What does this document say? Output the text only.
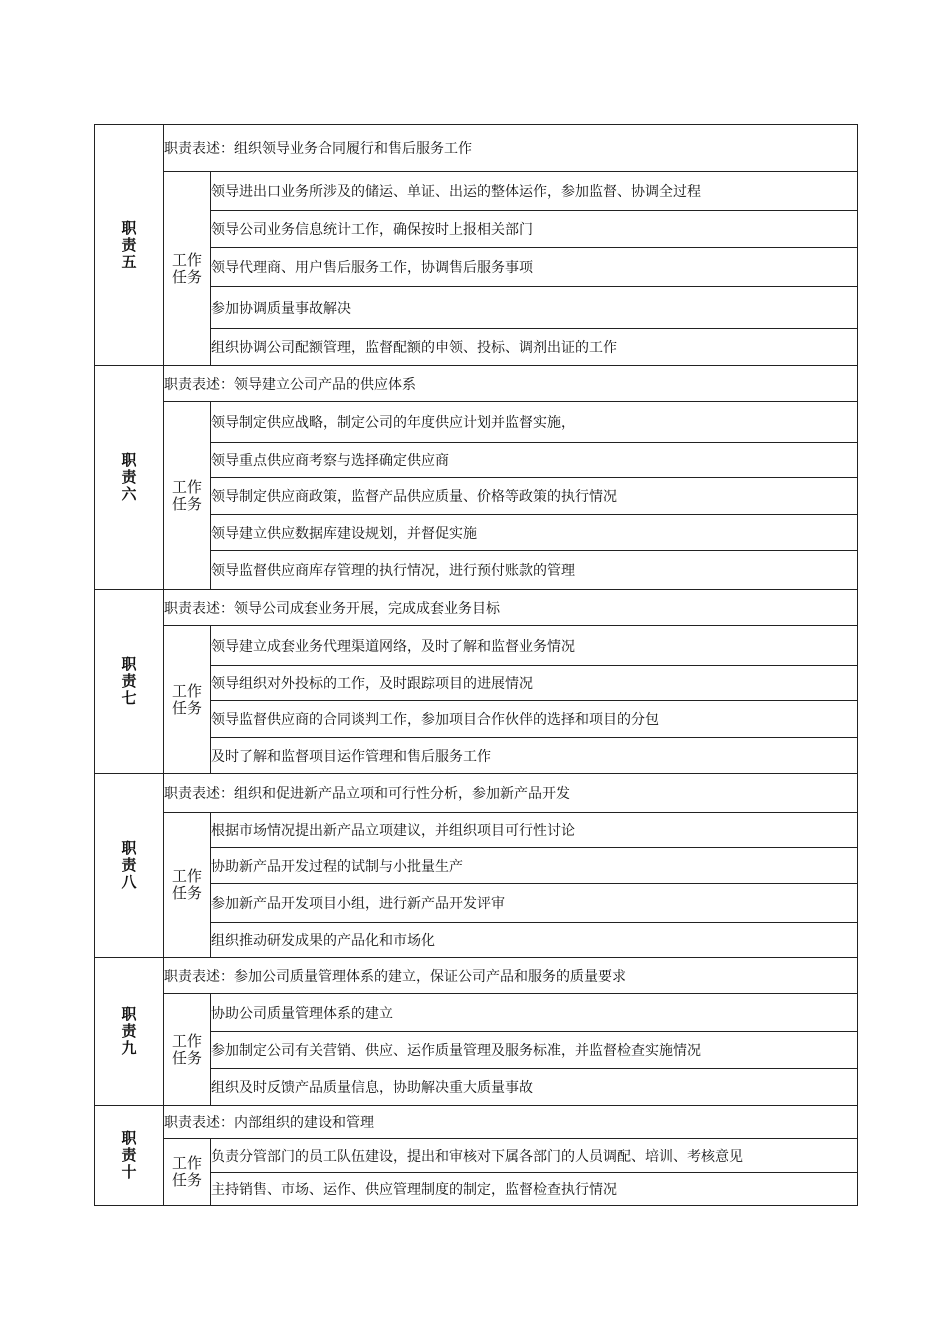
职责五	职责表述：组织领导业务合同履行和售后服务工作	
	工作任务	领导进出口业务所涉及的储运、单证、出运的整体运作，参加监督、协调全过程
		领导公司业务信息统计工作，确保按时上报相关部门
		领导代理商、用户售后服务工作，协调售后服务事项
		参加协调质量事故解决
		组织协调公司配额管理，监督配额的申领、投标、调剂出证的工作
职责六	职责表述：领导建立公司产品的供应体系	
	工作任务	领导制定供应战略，制定公司的年度供应计划并监督实施，
		领导重点供应商考察与选择确定供应商
		领导制定供应商政策，监督产品供应质量、价格等政策的执行情况
		领导建立供应数据库建设规划，并督促实施
		领导监督供应商库存管理的执行情况，进行预付账款的管理
职责七	职责表述：领导公司成套业务开展，完成成套业务目标	
	工作任务	领导建立成套业务代理渠道网络，及时了解和监督业务情况
		领导组织对外投标的工作，及时跟踪项目的进展情况
		领导监督供应商的合同谈判工作，参加项目合作伙伴的选择和项目的分包
		及时了解和监督项目运作管理和售后服务工作
职责八	职责表述：组织和促进新产品立项和可行性分析，参加新产品开发	
	工作任务	根据市场情况提出新产品立项建议，并组织项目可行性讨论
		协助新产品开发过程的试制与小批量生产
		参加新产品开发项目小组，进行新产品开发评审
		组织推动研发成果的产品化和市场化
职责九	职责表述：参加公司质量管理体系的建立，保证公司产品和服务的质量要求	
	工作任务	协助公司质量管理体系的建立
		参加制定公司有关营销、供应、运作质量管理及服务标准，并监督检查实施情况
		组织及时反馈产品质量信息，协助解决重大质量事故
职责十	职责表述：内部组织的建设和管理	
	工作任务	负责分管部门的员工队伍建设，提出和审核对下属各部门的人员调配、培训、考核意见
		主持销售、市场、运作、供应管理制度的制定，监督检查执行情况
